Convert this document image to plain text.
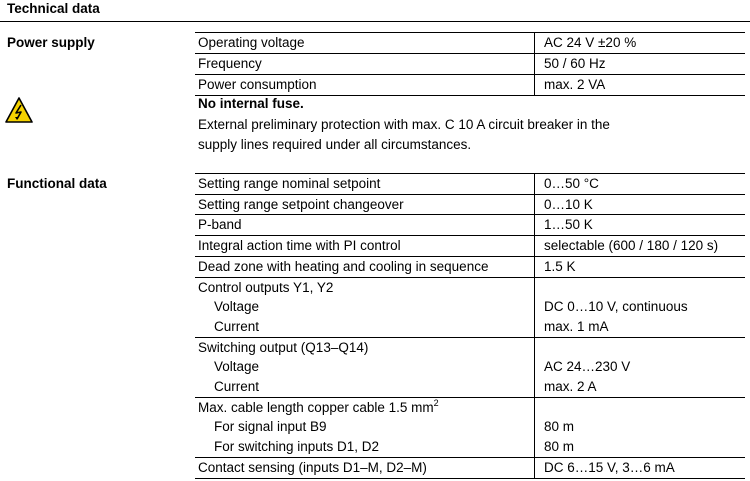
Technical data
Power supply	Operating voltage	AC 24 V ±20 %
Frequency	50 / 60 Hz
Power consumption	max. 2 VA
No internal fuse.
External preliminary protection with max. C 10 A circuit breaker in the
supply lines required under all circumstances.
Functional data	Setting range nominal setpoint	0…50 °C
Setting range setpoint changeover	0…10 K
P-band	1…50 K
Integral action time with PI control	selectable (600 / 180 / 120 s)
Dead zone with heating and cooling in sequence	1.5 K
Control outputs Y1, Y2
Voltage	DC 0…10 V, continuous
Current	max. 1 mA
Switching output (Q13–Q14)
Voltage	AC 24…230 V
Current	max. 2 A
Max. cable length copper cable 1.5 $mm^2$
For signal input B9	80 m
For switching inputs D1, D2	80 m
Contact sensing (inputs D1–M, D2–M)	DC 6…15 V, 3…6 mA
